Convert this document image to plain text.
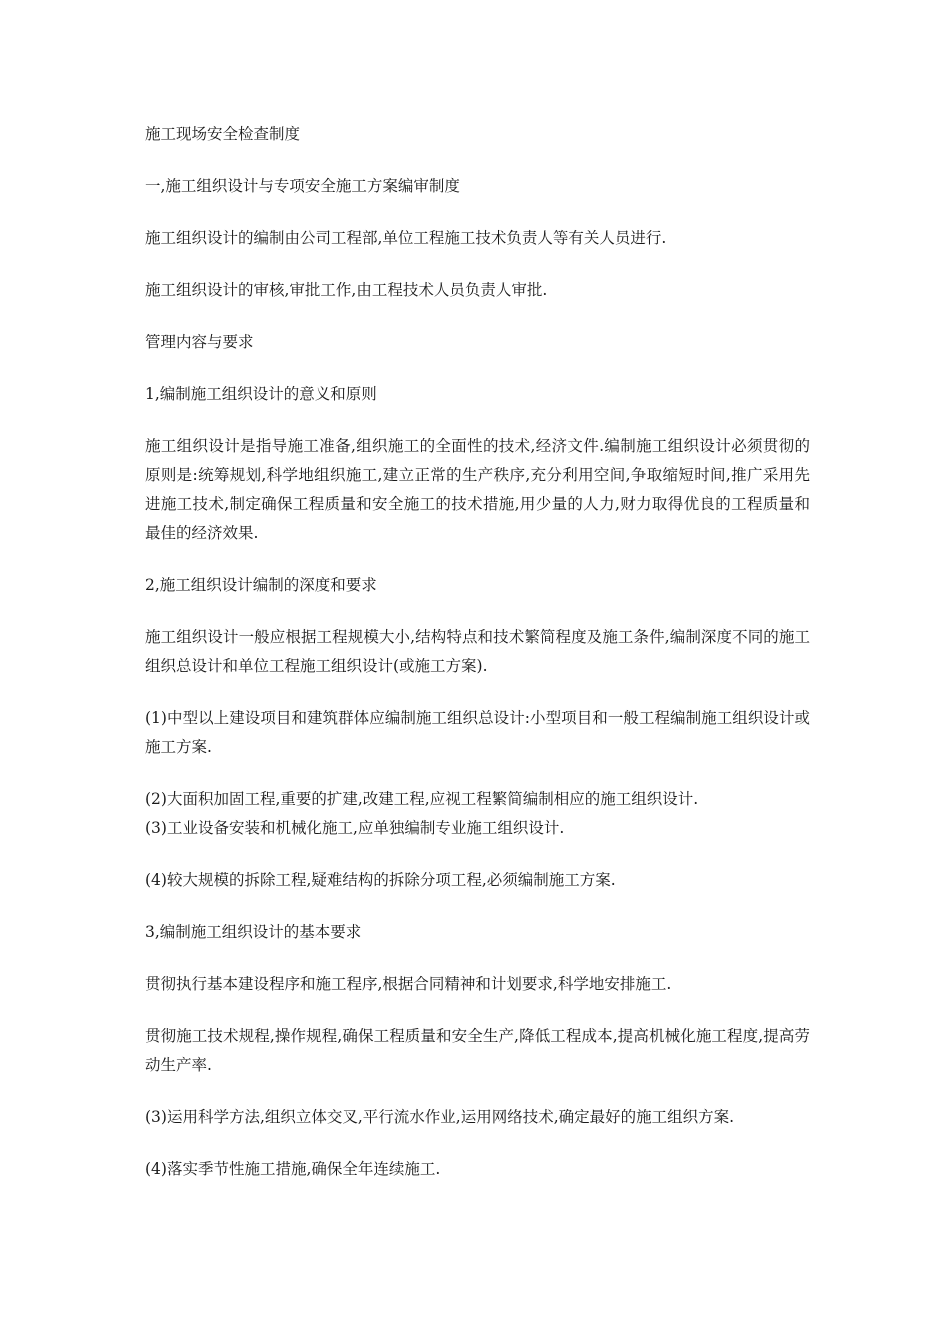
施工现场安全检查制度

一,施工组织设计与专项安全施工方案编审制度

施工组织设计的编制由公司工程部,单位工程施工技术负责人等有关人员进行.

施工组织设计的审核,审批工作,由工程技术人员负责人审批.

管理内容与要求

1,编制施工组织设计的意义和原则

施工组织设计是指导施工准备,组织施工的全面性的技术,经济文件.编制施工组织设计必须贯彻的原则是:统筹规划,科学地组织施工,建立正常的生产秩序,充分利用空间,争取缩短时间,推广采用先进施工技术,制定确保工程质量和安全施工的技术措施,用少量的人力,财力取得优良的工程质量和最佳的经济效果.

2,施工组织设计编制的深度和要求

施工组织设计一般应根据工程规模大小,结构特点和技术繁简程度及施工条件,编制深度不同的施工组织总设计和单位工程施工组织设计(或施工方案).

(1)中型以上建设项目和建筑群体应编制施工组织总设计:小型项目和一般工程编制施工组织设计或施工方案.

(2)大面积加固工程,重要的扩建,改建工程,应视工程繁简编制相应的施工组织设计.

(3)工业设备安装和机械化施工,应单独编制专业施工组织设计.

(4)较大规模的拆除工程,疑难结构的拆除分项工程,必须编制施工方案.

3,编制施工组织设计的基本要求

贯彻执行基本建设程序和施工程序,根据合同精神和计划要求,科学地安排施工.

贯彻施工技术规程,操作规程,确保工程质量和安全生产,降低工程成本,提高机械化施工程度,提高劳动生产率.

(3)运用科学方法,组织立体交叉,平行流水作业,运用网络技术,确定最好的施工组织方案.

(4)落实季节性施工措施,确保全年连续施工.
